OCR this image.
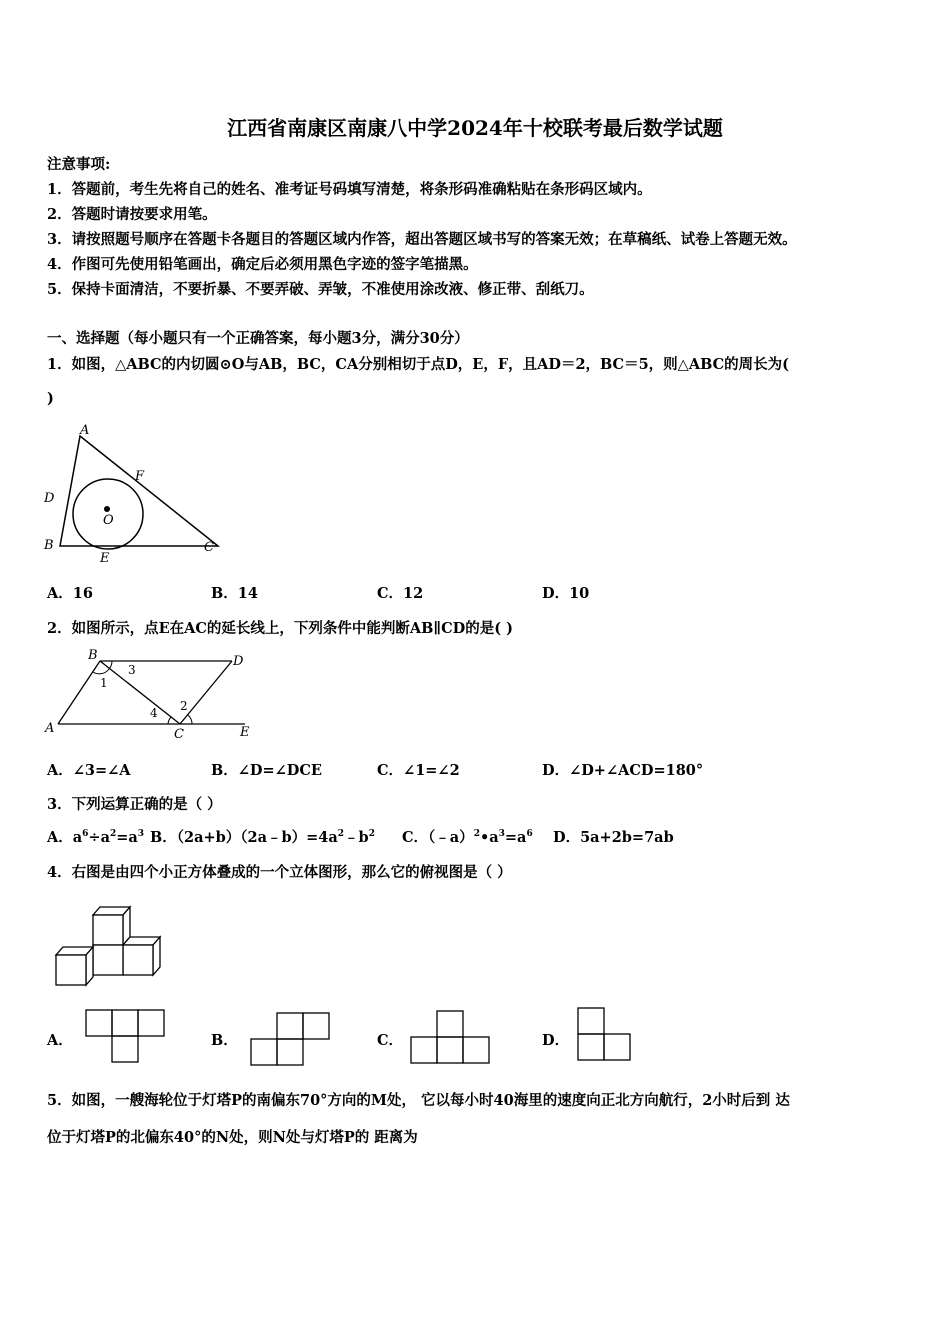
江西省南康区南康八中学2024年十校联考最后数学试题
注意事项:
1．答题前，考生先将自己的姓名、准考证号码填写清楚，将条形码准确粘贴在条形码区域内。
2．答题时请按要求用笔。
3．请按照题号顺序在答题卡各题目的答题区域内作答，超出答题区域书写的答案无效；在草稿纸、试卷上答题无效。
4．作图可先使用铅笔画出，确定后必须用黑色字迹的签字笔描黑。
5．保持卡面清洁，不要折暴、不要弄破、弄皱，不准使用涂改液、修正带、刮纸刀。
一、选择题（每小题只有一个正确答案，每小题3分，满分30分）
1．如图，△ABC的内切圆⊙O与AB，BC，CA分别相切于点D，E，F，且AD＝2，BC＝5，则△ABC的周长为(
)
A
F
D
O
B
E
C
A．16	B．14	C．12	D．10
2．如图所示，点E在AC的延长线上，下列条件中能判断AB∥CD的是( )
B	D
A	C	E
1
3
4 2
A．∠3=∠A	B．∠D=∠DCE	C．∠1=∠2	D．∠D+∠ACD=180°
3．下列运算正确的是（ ）
A．$a^6\div a^2=a^3$ B．$(2a+b)(2a﹣b)=4a^2﹣b^2$ C．$(﹣a)^2•a^3=a^6$ D．5a+2b=7ab
4．右图是由四个小正方体叠成的一个立体图形，那么它的俯视图是（ ）
A．	B．	C．	D．
5．如图，一艘海轮位于灯塔P的南偏东70°方向的M处， 它以每小时40海里的速度向正北方向航行，2小时后到 达
位于灯塔P的北偏东40°的N处，则N处与灯塔P的 距离为
